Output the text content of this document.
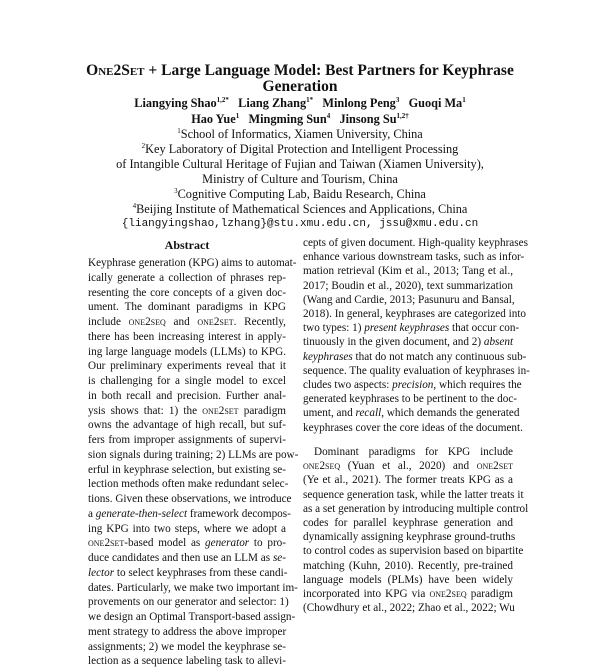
One2Set + Large Language Model: Best Partners for Keyphrase
Generation
Liangying Shao$^{1,2*}$ Liang Zhang$^{1*}$ Minlong Peng$^3$ Guoqi Ma$^1$
Hao Yue$^1$ Mingming Sun$^4$ Jinsong $Su^{1,2\dagger}$
$^1$School of Informatics, Xiamen University, China
$^2$Key Laboratory of Digital Protection and Intelligent Processing
of Intangible Cultural Heritage of Fujian and Taiwan (Xiamen University),
Ministry of Culture and Tourism, China
$^3$Cognitive Computing Lab, Baidu Research, China
$^4$Beijing Institute of Mathematical Sciences and Applications, China
{liangyingshao,lzhang}@stu.xmu.edu.cn, jssu@xmu.edu.cn
Abstract
Keyphrase generation (KPG) aims to automat-
ically generate a collection of phrases rep-
resenting the core concepts of a given doc-
ument. The dominant paradigms in KPG
include one2seq and one2set. Recently,
there has been increasing interest in apply-
ing large language models (LLMs) to KPG.
Our preliminary experiments reveal that it
is challenging for a single model to excel
in both recall and precision. Further anal-
ysis shows that: 1) the one2set paradigm
owns the advantage of high recall, but suf-
fers from improper assignments of supervi-
sion signals during training; 2) LLMs are pow-
erful in keyphrase selection, but existing se-
lection methods often make redundant selec-
tions. Given these observations, we introduce
a generate-then-select framework decompos-
ing KPG into two steps, where we adopt a
one2set-based model as generator to pro-
duce candidates and then use an LLM as se-
lector to select keyphrases from these candi-
dates. Particularly, we make two important im-
provements on our generator and selector: 1)
we design an Optimal Transport-based assign-
ment strategy to address the above improper
assignments; 2) we model the keyphrase se-
lection as a sequence labeling task to allevi-
cepts of given document. High-quality keyphrases
enhance various downstream tasks, such as infor-
mation retrieval (Kim et al., 2013; Tang et al.,
2017; Boudin et al., 2020), text summarization
(Wang and Cardie, 2013; Pasunuru and Bansal,
2018). In general, keyphrases are categorized into
two types: 1) present keyphrases that occur con-
tinuously in the given document, and 2) absent
keyphrases that do not match any continuous sub-
sequence. The quality evaluation of keyphrases in-
cludes two aspects: precision, which requires the
generated keyphrases to be pertinent to the doc-
ument, and recall, which demands the generated
keyphrases cover the core ideas of the document.
Dominant paradigms for KPG include
one2seq (Yuan et al., 2020) and one2set
(Ye et al., 2021). The former treats KPG as a
sequence generation task, while the latter treats it
as a set generation by introducing multiple control
codes for parallel keyphrase generation and
dynamically assigning keyphrase ground-truths
to control codes as supervision based on bipartite
matching (Kuhn, 2010). Recently, pre-trained
language models (PLMs) have been widely
incorporated into KPG via one2seq paradigm
(Chowdhury et al., 2022; Zhao et al., 2022; Wu
